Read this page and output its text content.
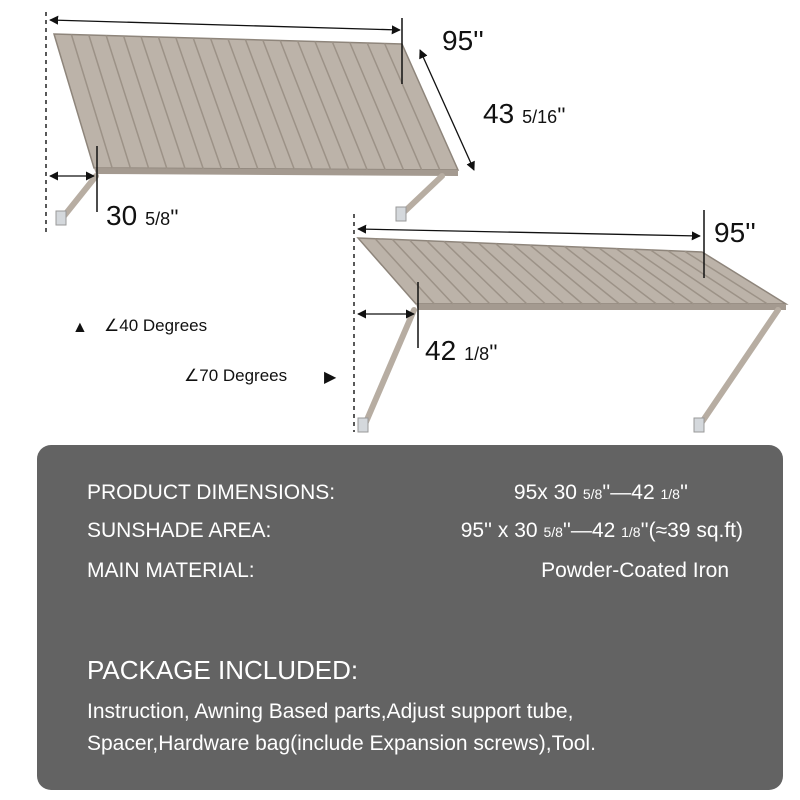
95''
43 5/16''
30 5/8''	95''
42 1/8''
▲ ∠40 Degrees
∠70 Degrees ▶
PRODUCT DIMENSIONS:	95x 30 5/8''—42 1/8''
SUNSHADE AREA:	95'' x 30 5/8''—42 1/8''(≈39 sq.ft)
MAIN MATERIAL:	Powder-Coated Iron
PACKAGE INCLUDED:
Instruction, Awning Based parts,Adjust support tube,
Spacer,Hardware bag(include Expansion screws),Tool.
